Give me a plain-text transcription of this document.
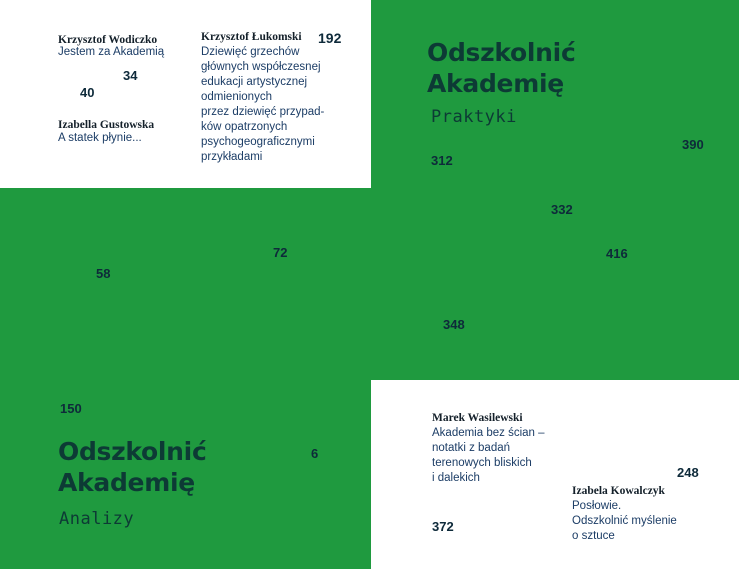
Krzysztof Wodiczko
Jestem za Akademią
34
40
Izabella Gustowska
A statek płynie...
Krzysztof Łukomski 192
Dziewięć grzechów
głównych współczesnej
edukacji artystycznej
odmienionych
przez dziewięć przypad-
ków opatrzonych
psychogeograficznymi
przykładami
58
72
150
6
Odszkolnić
Akademię
Analizy
Odszkolnić
Akademię
Praktyki
390
312
332
416
348
Marek Wasilewski
Akademia bez ścian –
notatki z badań
terenowych bliskich
i dalekich	248
Izabela Kowalczyk
Posłowie.
Odszkolnić myślenie
o sztuce
372
